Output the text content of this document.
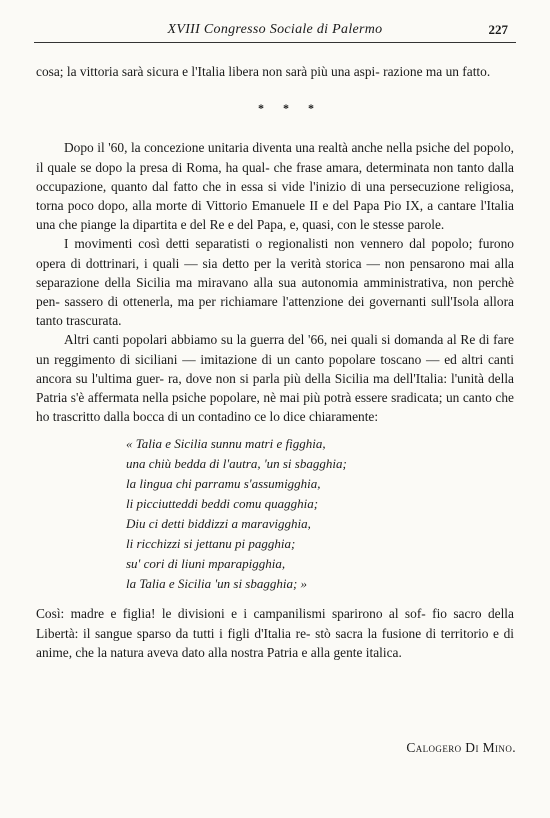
XVIII Congresso Sociale di Palermo	227

cosa; la vittoria sarà sicura e l'Italia libera non sarà più una aspi- razione ma un fatto.

* * *

Dopo il '60, la concezione unitaria diventa una realtà anche nella psiche del popolo, il quale se dopo la presa di Roma, ha qual- che frase amara, determinata non tanto dalla occupazione, quanto dal fatto che in essa si vide l'inizio di una persecuzione religiosa, torna poco dopo, alla morte di Vittorio Emanuele II e del Papa Pio IX, a cantare l'Italia una che piange la dipartita e del Re e del Papa, e, quasi, con le stesse parole.

I movimenti così detti separatisti o regionalisti non vennero dal popolo; furono opera di dottrinari, i quali — sia detto per la verità storica — non pensarono mai alla separazione della Sicilia ma miravano alla sua autonomia amministrativa, non perchè pen- sassero di ottenerla, ma per richiamare l'attenzione dei governanti sull'Isola allora tanto trascurata.

Altri canti popolari abbiamo su la guerra del '66, nei quali si domanda al Re di fare un reggimento di siciliani — imitazione di un canto popolare toscano — ed altri canti ancora su l'ultima guer- ra, dove non si parla più della Sicilia ma dell'Italia: l'unità della Patria s'è affermata nella psiche popolare, nè mai più potrà essere sradicata; un canto che ho trascritto dalla bocca di un contadino ce lo dice chiaramente:

« Talia e Sicilia sunnu matri e figghia,
una chiù bedda di l'autra, 'un si sbagghia;
la lingua chi parramu s'assumigghia,
li picciutteddi beddi comu quagghia;
Diu ci detti biddizzi a maravigghia,
li ricchizzi si jettanu pi pagghia;
su' cori di liuni mparapigghia,
la Talia e Sicilia 'un si sbagghia; »

Così: madre e figlia! le divisioni e i campanilismi sparirono al sof- fio sacro della Libertà: il sangue sparso da tutti i figli d'Italia re- stò sacra la fusione di territorio e di anime, che la natura aveva dato alla nostra Patria e alla gente italica.

Calogero Di Mino.
